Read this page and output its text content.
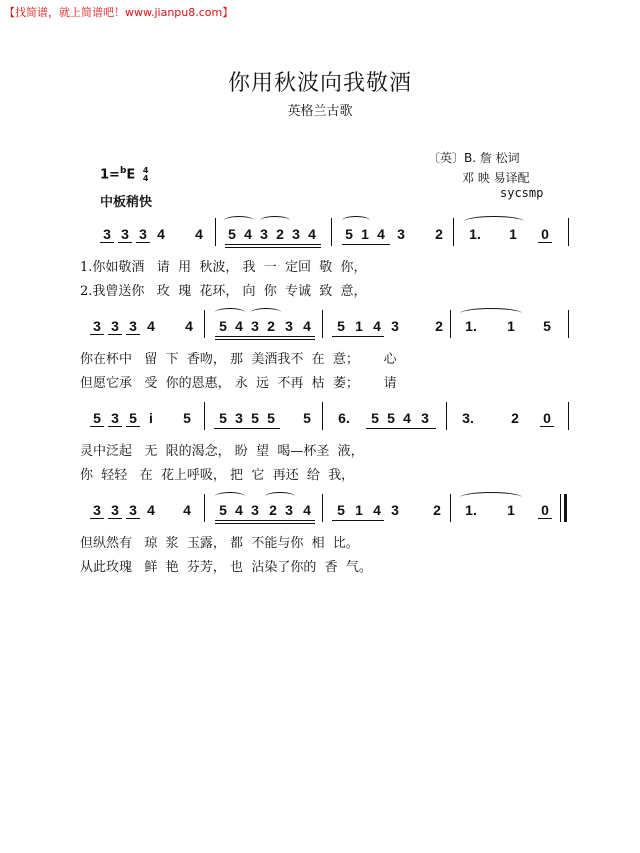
【找简谱，就上简谱吧！www.jianpu8.com】
你用秋波向我敬酒
英格兰古歌
1=$^b$E 4
4
中板稍快
〔英〕B. 詹 松词
邓 映 易译配
sycsmp
3 3 3 4 4 5 4 3 2 3 4 5 1 4 3 2	1.	1 0
1.你如敬酒   请  用  秋波， 我  一  定回  敬  你，
2.我曾送你   玫  瑰  花环， 向  你  专诚  致  意，
3 3 3 4 4 5 4 3 2 3 4 5 1 4 3	2	1.	1 5
你在杯中   留  下  香吻， 那  美酒我不  在  意；      心
但愿它承   受  你的恩惠， 永  远  不再  枯  萎；      请
5 3 5 i	5 5 3 5 5 5 6. 5 5 4 3 3.	2 0
灵中泛起   无  限的渴念， 盼  望  喝—杯圣  液，
你  轻轻   在  花上呼吸， 把  它  再还  给  我，
3 3 3 4 4 5 4 3 2 3 4 5 1 4 3 2	1.	1 0
但纵然有   琼  浆  玉露， 都  不能与你  相  比。
从此玫瑰   鲜  艳  芬芳， 也  沾染了你的  香  气。
